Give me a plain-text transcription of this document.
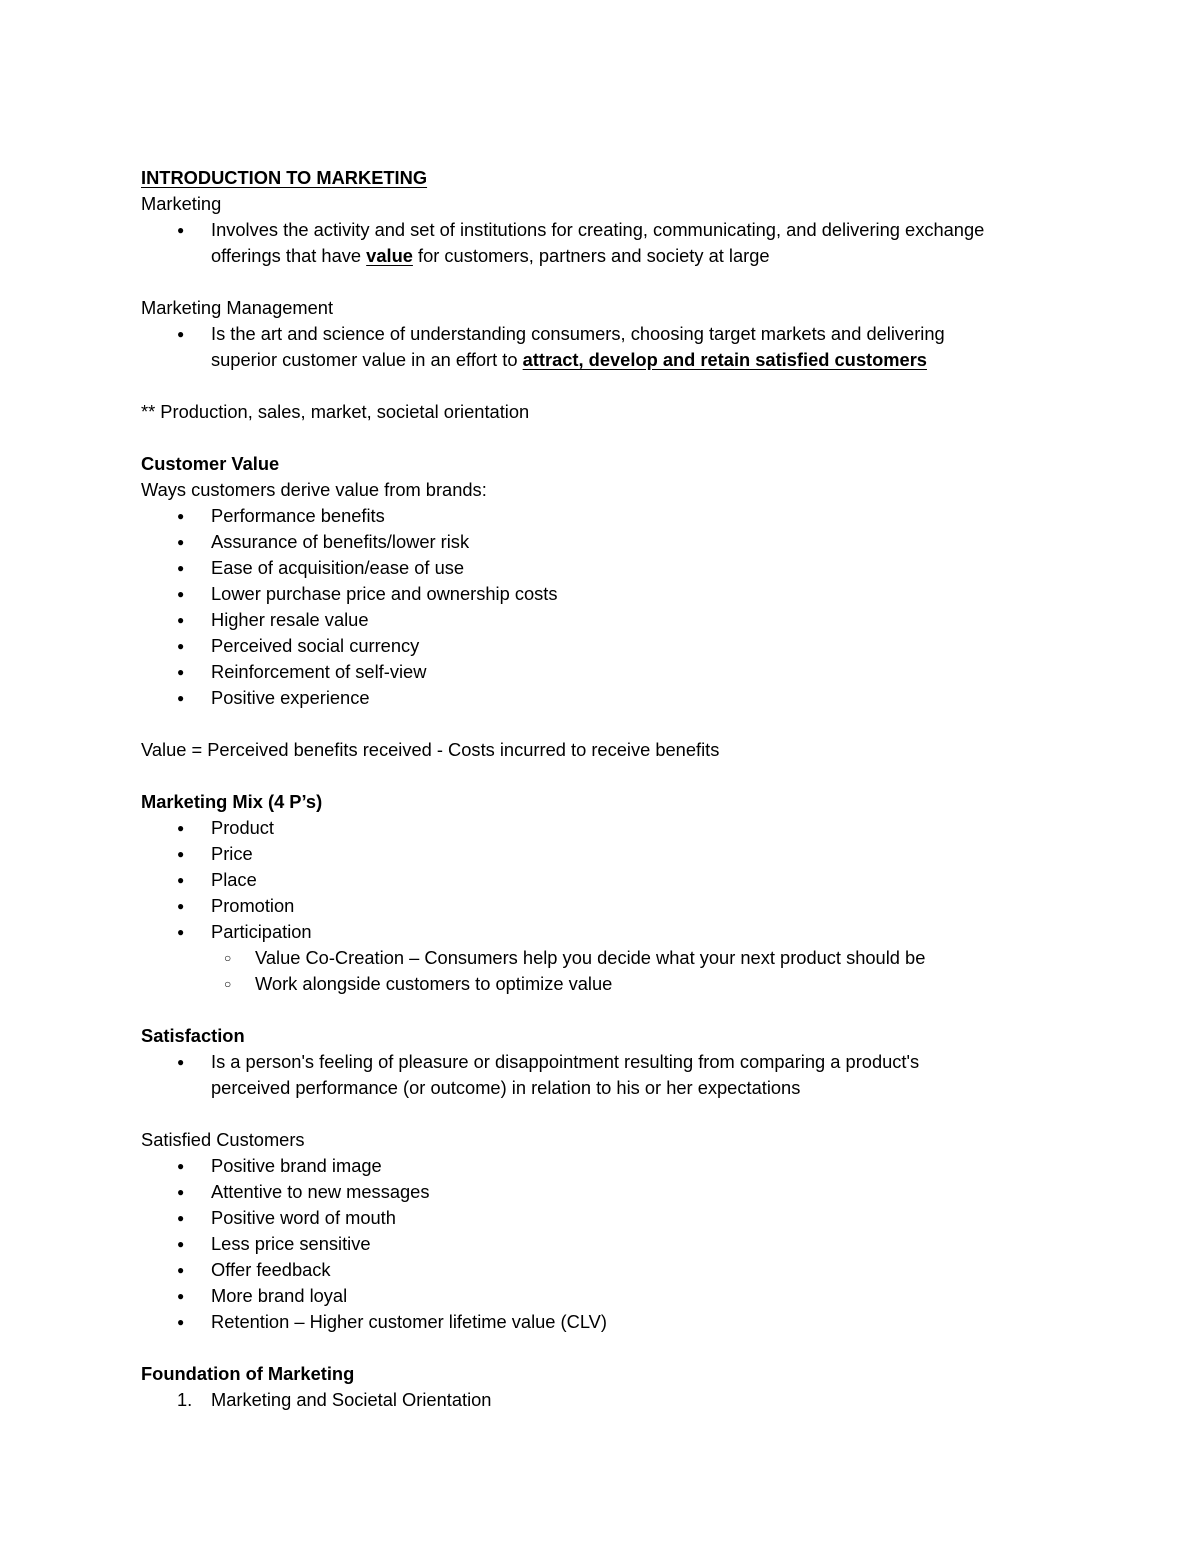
INTRODUCTION TO MARKETING
Marketing
● Involves the activity and set of institutions for creating, communicating, and delivering exchange
offerings that have value for customers, partners and society at large
Marketing Management
● Is the art and science of understanding consumers, choosing target markets and delivering
superior customer value in an effort to attract, develop and retain satisfied customers
** Production, sales, market, societal orientation
Customer Value
Ways customers derive value from brands:
● Performance benefits
● Assurance of benefits/lower risk
● Ease of acquisition/ease of use
● Lower purchase price and ownership costs
● Higher resale value
● Perceived social currency
● Reinforcement of self-view
● Positive experience
Value = Perceived benefits received - Costs incurred to receive benefits
Marketing Mix (4 P’s)
● Product
● Price
● Place
● Promotion
● Participation
○ Value Co-Creation – Consumers help you decide what your next product should be
○ Work alongside customers to optimize value
Satisfaction
● Is a person's feeling of pleasure or disappointment resulting from comparing a product's
perceived performance (or outcome) in relation to his or her expectations
Satisfied Customers
● Positive brand image
● Attentive to new messages
● Positive word of mouth
● Less price sensitive
● Offer feedback
● More brand loyal
● Retention – Higher customer lifetime value (CLV)
Foundation of Marketing
1. Marketing and Societal Orientation
